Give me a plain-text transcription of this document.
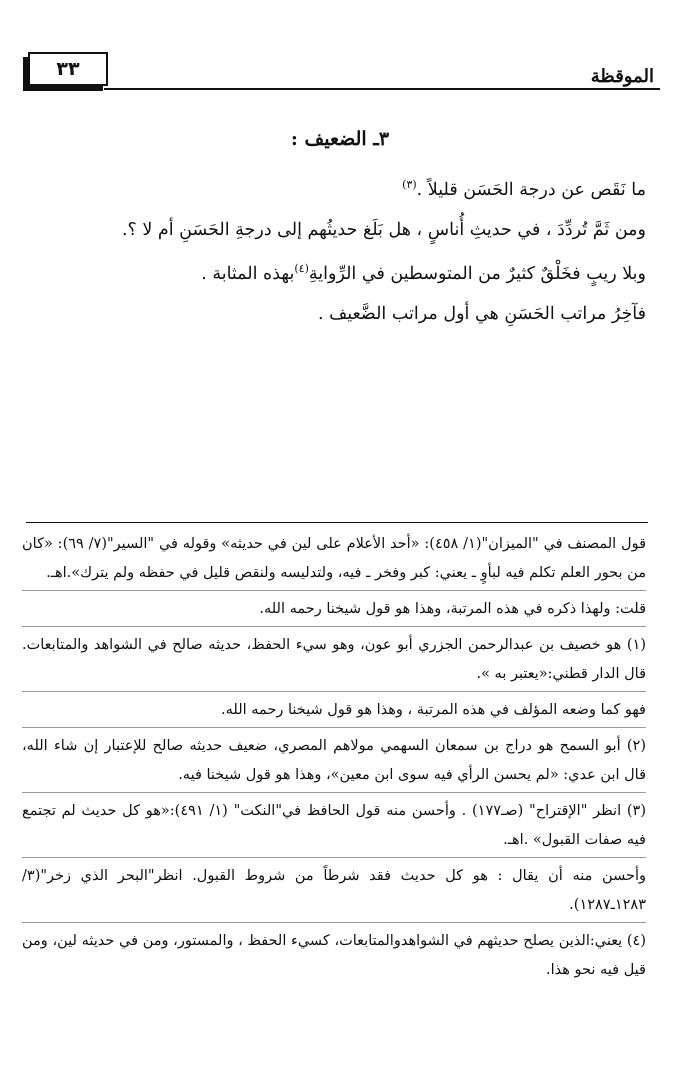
٣٣	الموقظة
٣ـ الضعيف :

ما نَقَص عن درجة الحَسَن قليلاً .$^{(٣)}$

ومن ثَمَّ تُردِّدَ ، في حديثِ أُناسٍ ، هل بَلَغ حديثُهم إلى درجةِ الحَسَنِ أم لا ؟.

وبلا ريبٍ فخَلْقٌ كثيرٌ من المتوسطين في الرِّوايةِ$^{(٤)}$بهذه المثابة .

فآخِرُ مراتب الحَسَنِ هي أول مراتب الضَّعيف .

قول المصنف في "الميزان"(١/ ٤٥٨): «أحد الأعلام على لين في حديثه» وقوله في "السير"(٧/ ٦٩): «كان من بحور العلم تكلم فيه لبأوٍ ـ يعني: كبر وفخر ـ فيه، ولتدليسه ولنقص قليل في حفظه ولم يترك».اهـ.

قلت: ولهذا ذكره في هذه المرتبة، وهذا هو قول شيخنا رحمه الله.

(١) هو خصيف بن عبدالرحمن الجزري أبو عون، وهو سيء الحفظ، حديثه صالح في الشواهد والمتابعات. قال الدار قطني:«يعتبر به ».

فهو كما وضعه المؤلف في هذه المرتبة ، وهذا هو قول شيخنا رحمه الله.

(٢) أبو السمح هو دراج بن سمعان السهمي مولاهم المصري، ضعيف حديثه صالح للإعتبار إن شاء الله، قال ابن عدي: «لم يحسن الرأي فيه سوى ابن معين»، وهذا هو قول شيخنا فيه.

(٣) انظر "الإقتراح" (صـ١٧٧) . وأحسن منه قول الحافظ في"النكت" (١/ ٤٩١):«هو كل حديث لم تجتمع فيه صفات القبول» .اهـ.

وأحسن منه أن يقال : هو كل حديث فقد شرطاً من شروط القبول. انظر"البحر الذي زخر"(٣/ ١٢٨٣ـ١٢٨٧).

(٤) يعني:الذين يصلح حديثهم في الشواهدوالمتابعات، كسيء الحفظ ، والمستور، ومن في حديثه لين، ومن قيل فيه نحو هذا.
